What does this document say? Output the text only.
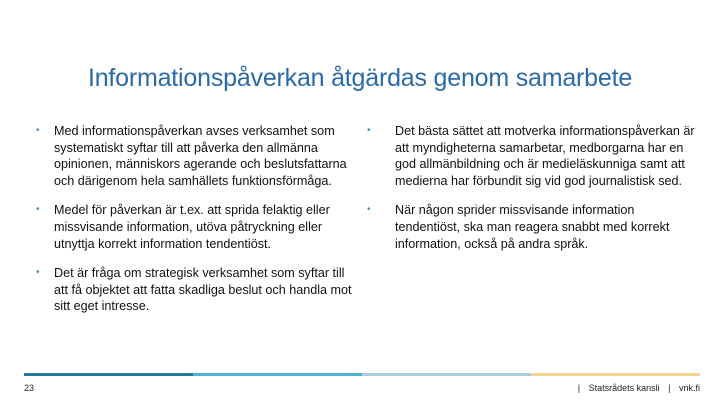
Informationspåverkan åtgärdas genom samarbete
• Med informationspåverkan avses verksamhet som systematiskt syftar till att påverka den allmänna opinionen, människors agerande och beslutsfattarna och därigenom hela samhällets funktionsförmåga.
• Medel för påverkan är t.ex. att sprida felaktig eller missvisande information, utöva påtryckning eller utnyttja korrekt information tendentiöst.
• Det är fråga om strategisk verksamhet som syftar till att få objektet att fatta skadliga beslut och handla mot sitt eget intresse.
• Det bästa sättet att motverka informationspåverkan är att myndigheterna samarbetar, medborgarna har en god allmänbildning och är medieläskunniga samt att medierna har förbundit sig vid god journalistisk sed.
• När någon sprider missvisande information tendentiöst, ska man reagera snabbt med korrekt information, också på andra språk.
23	| Statsrådets kansli | vnk.fi
